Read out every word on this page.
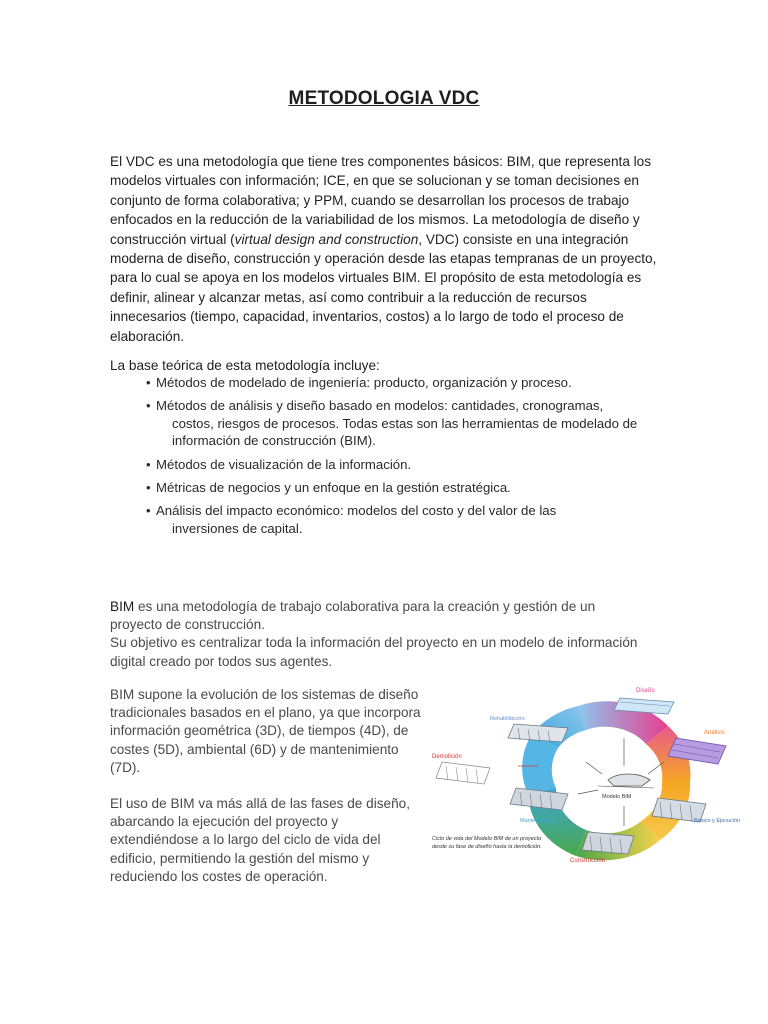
METODOLOGIA VDC
El VDC es una metodología que tiene tres componentes básicos: BIM, que representa los modelos virtuales con información; ICE, en que se solucionan y se toman decisiones en conjunto de forma colaborativa; y PPM, cuando se desarrollan los procesos de trabajo enfocados en la reducción de la variabilidad de los mismos. La metodología de diseño y construcción virtual (virtual design and construction, VDC) consiste en una integración moderna de diseño, construcción y operación desde las etapas tempranas de un proyecto, para lo cual se apoya en los modelos virtuales BIM. El propósito de esta metodología es definir, alinear y alcanzar metas, así como contribuir a la reducción de recursos innecesarios (tiempo, capacidad, inventarios, costos) a lo largo de todo el proceso de elaboración.
La base teórica de esta metodología incluye:
• Métodos de modelado de ingeniería: producto, organización y proceso.
• Métodos de análisis y diseño basado en modelos: cantidades, cronogramas,
costos, riesgos de procesos. Todas estas son las herramientas de modelado de información de construcción (BIM).
• Métodos de visualización de la información.
• Métricas de negocios y un enfoque en la gestión estratégica.
• Análisis del impacto económico: modelos del costo y del valor de las
inversiones de capital.
BIM es una metodología de trabajo colaborativa para la creación y gestión de un proyecto de construcción.
Su objetivo es centralizar toda la información del proyecto en un modelo de información digital creado por todos sus agentes.

BIM supone la evolución de los sistemas de diseño tradicionales basados en el plano, ya que incorpora información geométrica (3D), de tiempos (4D), de costes (5D), ambiental (6D) y de mantenimiento (7D).

El uso de BIM va más allá de las fases de diseño, abarcando la ejecución del proyecto y extendiéndose a lo largo del ciclo de vida del edificio, permitiendo la gestión del mismo y reduciendo los costes de operación.

Diseño
Análisis
Básico y Ejecución
Construcción
Mantenimiento
Demolición
Rehabilitación
Modelo BIM
Ciclo de vida del Modelo BIM de un proyecto desde su fase de diseño hasta la demolición.
